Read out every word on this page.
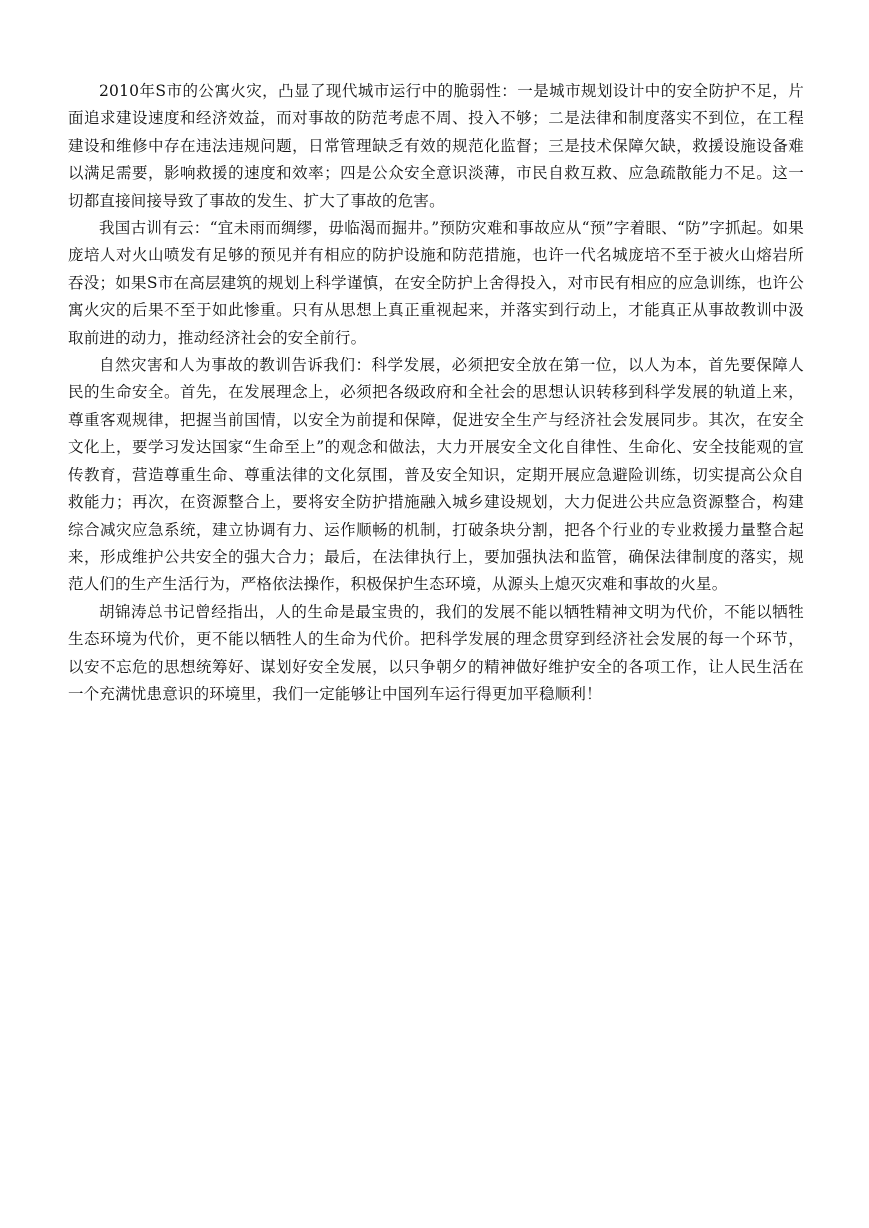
2010年S市的公寓火灾，凸显了现代城市运行中的脆弱性：一是城市规划设计中的安全防护不足，片面追求建设速度和经济效益，而对事故的防范考虑不周、投入不够；二是法律和制度落实不到位，在工程建设和维修中存在违法违规问题，日常管理缺乏有效的规范化监督；三是技术保障欠缺，救援设施设备难以满足需要，影响救援的速度和效率；四是公众安全意识淡薄，市民自救互救、应急疏散能力不足。这一切都直接间接导致了事故的发生、扩大了事故的危害。

我国古训有云：“宜未雨而绸缪，毋临渴而掘井。”预防灾难和事故应从“预”字着眼、“防”字抓起。如果庞培人对火山喷发有足够的预见并有相应的防护设施和防范措施，也许一代名城庞培不至于被火山熔岩所吞没；如果S市在高层建筑的规划上科学谨慎，在安全防护上舍得投入，对市民有相应的应急训练，也许公寓火灾的后果不至于如此惨重。只有从思想上真正重视起来，并落实到行动上，才能真正从事故教训中汲取前进的动力，推动经济社会的安全前行。

自然灾害和人为事故的教训告诉我们：科学发展，必须把安全放在第一位，以人为本，首先要保障人民的生命安全。首先，在发展理念上，必须把各级政府和全社会的思想认识转移到科学发展的轨道上来，尊重客观规律，把握当前国情，以安全为前提和保障，促进安全生产与经济社会发展同步。其次，在安全文化上，要学习发达国家“生命至上”的观念和做法，大力开展安全文化自律性、生命化、安全技能观的宣传教育，营造尊重生命、尊重法律的文化氛围，普及安全知识，定期开展应急避险训练，切实提高公众自救能力；再次，在资源整合上，要将安全防护措施融入城乡建设规划，大力促进公共应急资源整合，构建综合减灾应急系统，建立协调有力、运作顺畅的机制，打破条块分割，把各个行业的专业救援力量整合起来，形成维护公共安全的强大合力；最后，在法律执行上，要加强执法和监管，确保法律制度的落实，规范人们的生产生活行为，严格依法操作，积极保护生态环境，从源头上熄灭灾难和事故的火星。

胡锦涛总书记曾经指出，人的生命是最宝贵的，我们的发展不能以牺牲精神文明为代价，不能以牺牲生态环境为代价，更不能以牺牲人的生命为代价。把科学发展的理念贯穿到经济社会发展的每一个环节，以安不忘危的思想统筹好、谋划好安全发展，以只争朝夕的精神做好维护安全的各项工作，让人民生活在一个充满忧患意识的环境里，我们一定能够让中国列车运行得更加平稳顺利！
